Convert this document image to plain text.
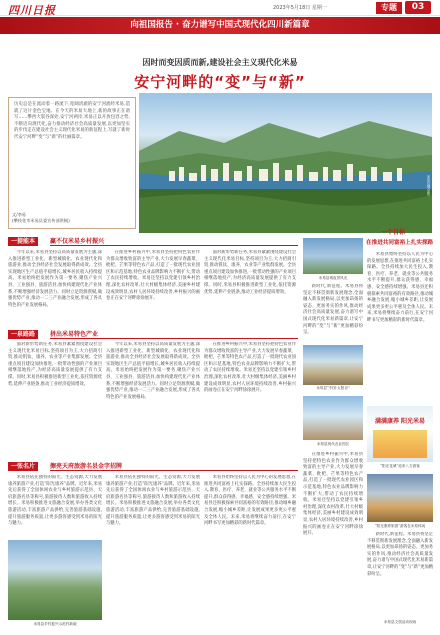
四川日报	2023年5月18日 星期一	专题	03
向祖国报告 · 奋力谱写中国式现代化四川新篇章
因时而变因质而新,建设社会主义现代化米易
安宁河畔的“变”与“新”
历史总是在流动着一路流下,宽阔清澈的安宁河流经米易,造就了这片金色宝地。在今天的米易大地上,新的故事正在谱写……攀西大裂谷深处,安宁河两岸,米易正以开放包容之势,不断迈向现代化,奋力推动经济社会高质量发展,以更加坚实的步伐走在建设社会主义现代化米易的新征程上,写就了新时代安宁河畔“变”与“新”的壮丽篇章。
文/李易
(攀枝花市米易县委宣传部供稿)
米易县城全景
一提能本	赢不仅米易乡村振兴

今年以来,米易县坚持以高质量发展为主题,深入推进新型工业化、新型城镇化、农业现代化和旅游业,推动全县经济社会发展取得新成效。全县实现地区生产总值平稳增长,城乡居民收入持续提高。米易始终把发展作为第一要务,聚焦产业兴县、工业强县、旅游活县,加快构建现代化产业体系,不断增强经济发展活力。同时立足资源禀赋,做强优势产业,推动一二三产业融合发展,形成了各具特色的产业发展格局。

在推进乡村振兴中,米易县坚持把特色农业作为群众增收致富的主导产业,大力发展早春蔬菜、枇杷、芒果等特色农产品,打造了一批现代农业园区和示范基地,特色农业品牌影响力不断扩大,带动了农民持续增收。米易还坚持以党建引领乡村治理,深化农村改革,壮大村级集体经济,美丽乡村建设成效明显,农村人居环境持续改善,乡村振兴的画卷正在安宁河畔徐徐展开。

面对新形势新任务,米易县紧紧围绕建设社会主义现代化米易目标,坚持项目为王,大力招商引资,推动钒钛、康养、农业等产业集群发展。全县重点项目建设加快推进,一批带动性强的产业项目相继落地投产,为经济高质量发展提供了有力支撑。同时,米易县积极推进新型工业化,依托资源优势,延伸产业链条,推动工业经济提质增效。

米易县城夜景风光

新时代,新征程。米易县将坚定不移贯彻新发展理念,全面融入新发展格局,以更加昂扬的姿态、更加务实的作风,推动经济社会高质量发展,奋力谱写中国式现代化米易新篇章,让安宁河畔的“变”与“新”更加精彩纷呈。

一个目标
在推进共同富裕上扎实探路

米易县始终坚持以人民为中心的发展思想,在推进共同富裕上扎实探路。全县持续加大民生投入,教育、医疗、养老、就业等公共服务水平不断提升,群众获得感、幸福感、安全感持续增强。米易县还积极探索共同富裕的有效路径,推动城乡融合发展,缩小城乡差距,让发展成果更多更公平惠及全体人民。未来,米易将继续奋力前行,在安宁河畔书写更加精彩的新时代篇章。

一泉路路	拼出米易特色产业

面对新形势新任务,米易县紧紧围绕建设社会主义现代化米易目标,坚持项目为王,大力招商引资,推动钒钛、康养、农业等产业集群发展。全县重点项目建设加快推进,一批带动性强的产业项目相继落地投产,为经济高质量发展提供了有力支撑。同时,米易县积极推进新型工业化,依托资源优势,延伸产业链条,推动工业经济提质增效。

今年以来,米易县坚持以高质量发展为主题,深入推进新型工业化、新型城镇化、农业现代化和旅游业,推动全县经济社会发展取得新成效。全县实现地区生产总值平稳增长,城乡居民收入持续提高。米易始终把发展作为第一要务,聚焦产业兴县、工业强县、旅游活县,加快构建现代化产业体系,不断增强经济发展活力。同时立足资源禀赋,做强优势产业,推动一二三产业融合发展,形成了各具特色的产业发展格局。

在推进乡村振兴中,米易县坚持把特色农业作为群众增收致富的主导产业,大力发展早春蔬菜、枇杷、芒果等特色农产品,打造了一批现代农业园区和示范基地,特色农业品牌影响力不断扩大,带动了农民持续增收。米易还坚持以党建引领乡村治理,深化农村改革,壮大村级集体经济,美丽乡村建设成效明显,农村人居环境持续改善,乡村振兴的画卷正在安宁河畔徐徐展开。

米易县“中国·太阳谷”
满满康养 阳光米易
“阳光花城”迎来八方游客
米易县现代农业园区
一张名片	擦亮天府旅游名县金字招牌

米易县依托独特的阳光、生态资源,大力发展康养旅游产业,打造“阳光康养”品牌。近年来,米易先后获得了全国休闲农业与乡村旅游示范县、天府旅游名县等称号,旅游接待人数和旅游收入持续增长。米易积极推进文旅融合发展,举办各类文化旅游活动,丰富旅游产品供给,完善旅游基础设施,提升旅游服务质量,让更多游客感受到米易的阳光与魅力。

米易县依托独特的阳光、生态资源,大力发展康养旅游产业,打造“阳光康养”品牌。近年来,米易先后获得了全国休闲农业与乡村旅游示范县、天府旅游名县等称号,旅游接待人数和旅游收入持续增长。米易积极推进文旅融合发展,举办各类文化旅游活动,丰富旅游产品供给,完善旅游基础设施,提升旅游服务质量,让更多游客感受到米易的阳光与魅力。

米易县始终坚持以人民为中心的发展思想,在推进共同富裕上扎实探路。全县持续加大民生投入,教育、医疗、养老、就业等公共服务水平不断提升,群众获得感、幸福感、安全感持续增强。米易县还积极探索共同富裕的有效路径,推动城乡融合发展,缩小城乡差距,让发展成果更多更公平惠及全体人民。未来,米易将继续奋力前行,在安宁河畔书写更加精彩的新时代篇章。

在推进乡村振兴中,米易县坚持把特色农业作为群众增收致富的主导产业,大力发展早春蔬菜、枇杷、芒果等特色农产品,打造了一批现代农业园区和示范基地,特色农业品牌影响力不断扩大,带动了农民持续增收。米易还坚持以党建引领乡村治理,深化农村改革,壮大村级集体经济,美丽乡村建设成效明显,农村人居环境持续改善,乡村振兴的画卷正在安宁河畔徐徐展开。

米易县乡村振兴示范村新貌
“阳光康养旅游”游客在米易休闲

新时代,新征程。米易县将坚定不移贯彻新发展理念,全面融入新发展格局,以更加昂扬的姿态、更加务实的作风,推动经济社会高质量发展,奋力谱写中国式现代化米易新篇章,让安宁河畔的“变”与“新”更加精彩纷呈。

米易县文旅活动现场
